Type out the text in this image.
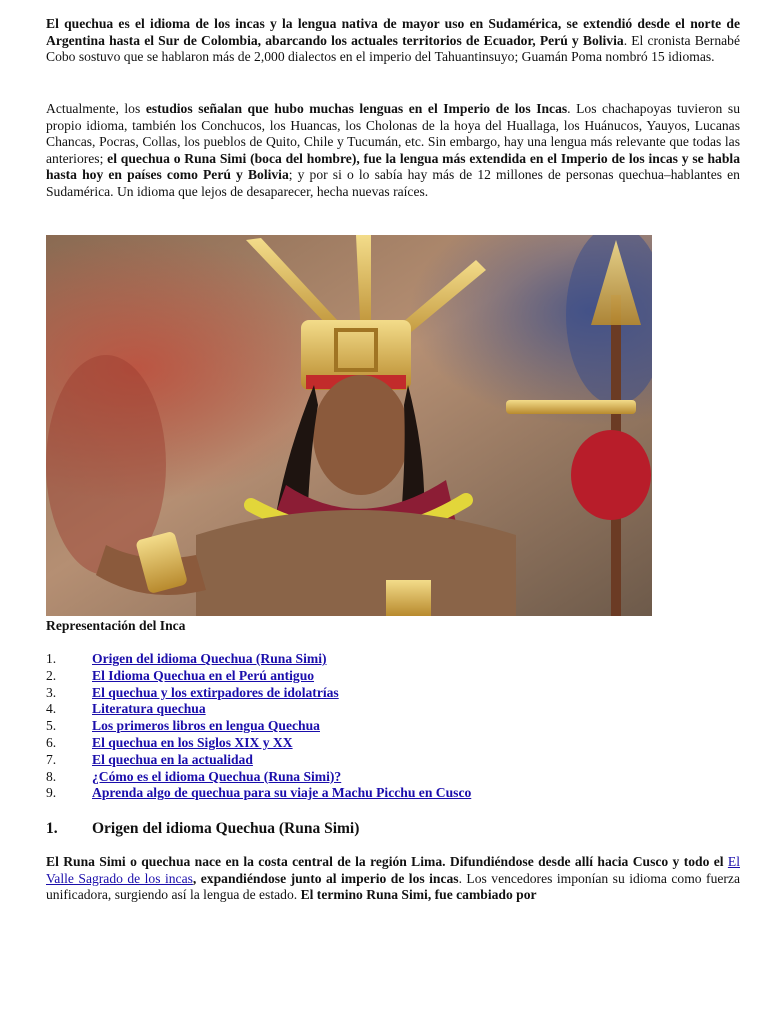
El quechua es el idioma de los incas y la lengua nativa de mayor uso en Sudamérica, se extendió desde el norte de Argentina hasta el Sur de Colombia, abarcando los actuales territorios de Ecuador, Perú y Bolivia. El cronista Bernabé Cobo sostuvo que se hablaron más de 2,000 dialectos en el imperio del Tahuantinsuyo; Guamán Poma nombró 15 idiomas.

Actualmente, los estudios señalan que hubo muchas lenguas en el Imperio de los Incas. Los chachapoyas tuvieron su propio idioma, también los Conchucos, los Huancas, los Cholonas de la hoya del Huallaga, los Huánucos, Yauyos, Lucanas Chancas, Pocras, Collas, los pueblos de Quito, Chile y Tucumán, etc. Sin embargo, hay una lengua más relevante que todas las anteriores; el quechua o Runa Simi (boca del hombre), fue la lengua más extendida en el Imperio de los incas y se habla hasta hoy en países como Perú y Bolivia; y por si o lo sabía hay más de 12 millones de personas quechua–hablantes en Sudamérica. Un idioma que lejos de desaparecer, hecha nuevas raíces.

Representación del Inca

1.	Origen del idioma Quechua (Runa Simi)
2.	El Idioma Quechua en el Perú antiguo
3.	El quechua y los extirpadores de idolatrías
4.	Literatura quechua
5.	Los primeros libros en lengua Quechua
6.	El quechua en los Siglos XIX y XX
7.	El quechua en la actualidad
8.	¿Cómo es el idioma Quechua (Runa Simi)?
9.	Aprenda algo de quechua para su viaje a Machu Picchu en Cusco
1.	Origen del idioma Quechua (Runa Simi)

El Runa Simi o quechua nace en la costa central de la región Lima. Difundiéndose desde allí hacia Cusco y todo el El Valle Sagrado de los incas, expandiéndose junto al imperio de los incas. Los vencedores imponían su idioma como fuerza unificadora, surgiendo así la lengua de estado. El termino Runa Simi, fue cambiado por
